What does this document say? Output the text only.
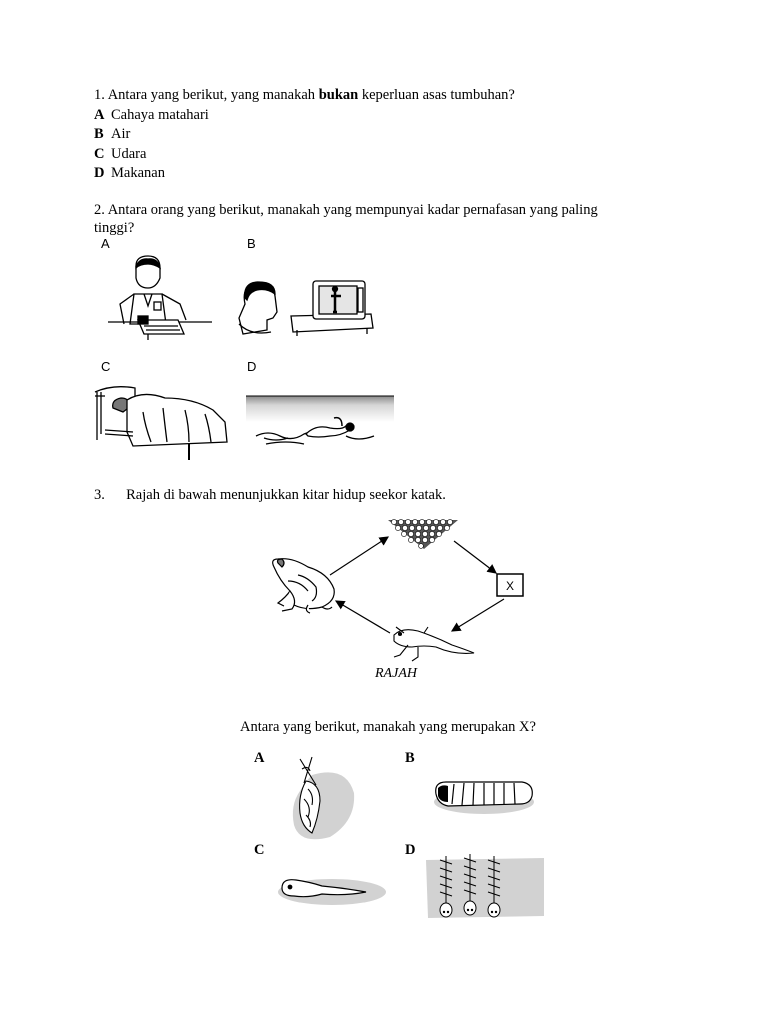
1. Antara yang berikut, yang manakah bukan keperluan asas tumbuhan?
A Cahaya matahari
B Air
C Udara
D Makanan
2. Antara orang yang berikut, manakah yang mempunyai kadar pernafasan yang paling
tinggi?
A	B
C	D
3. Rajah di bawah menunjukkan kitar hidup seekor katak.
X
RAJAH
Antara yang berikut, manakah yang merupakan X?
A	B
C	D
